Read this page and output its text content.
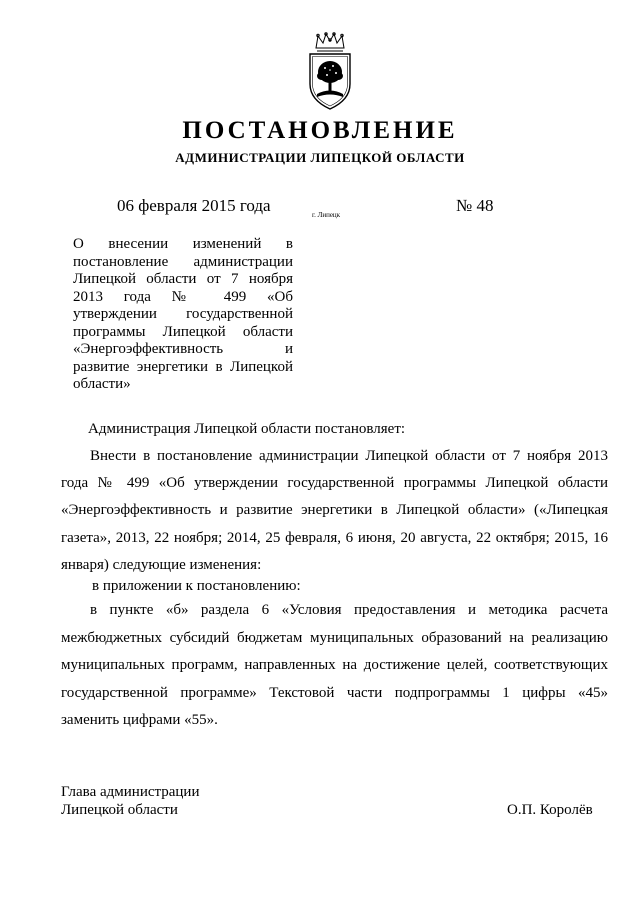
ПОСТАНОВЛЕНИЕ
АДМИНИСТРАЦИИ ЛИПЕЦКОЙ ОБЛАСТИ
06 февраля 2015 года	г. Липецк	№ 48
О внесении изменений в постановление администрации Липецкой области от 7 ноября 2013 года № 499 «Об утверждении государственной программы Липецкой области «Энергоэффективность и развитие энергетики в Липецкой области»
Администрация Липецкой области постановляет:
Внести в постановление администрации Липецкой области от 7 ноября 2013 года № 499 «Об утверждении государственной программы Липецкой области «Энергоэффективность и развитие энергетики в Липецкой области» («Липецкая газета», 2013, 22 ноября; 2014, 25 февраля, 6 июня, 20 августа, 22 октября; 2015, 16 января) следующие изменения:
в приложении к постановлению:
в пункте «б» раздела 6 «Условия предоставления и методика расчета межбюджетных субсидий бюджетам муниципальных образований на реализацию муниципальных программ, направленных на достижение целей, соответствующих государственной программе» Текстовой части подпрограммы 1 цифры «45» заменить цифрами «55».
Глава администрации
Липецкой области	О.П. Королёв
